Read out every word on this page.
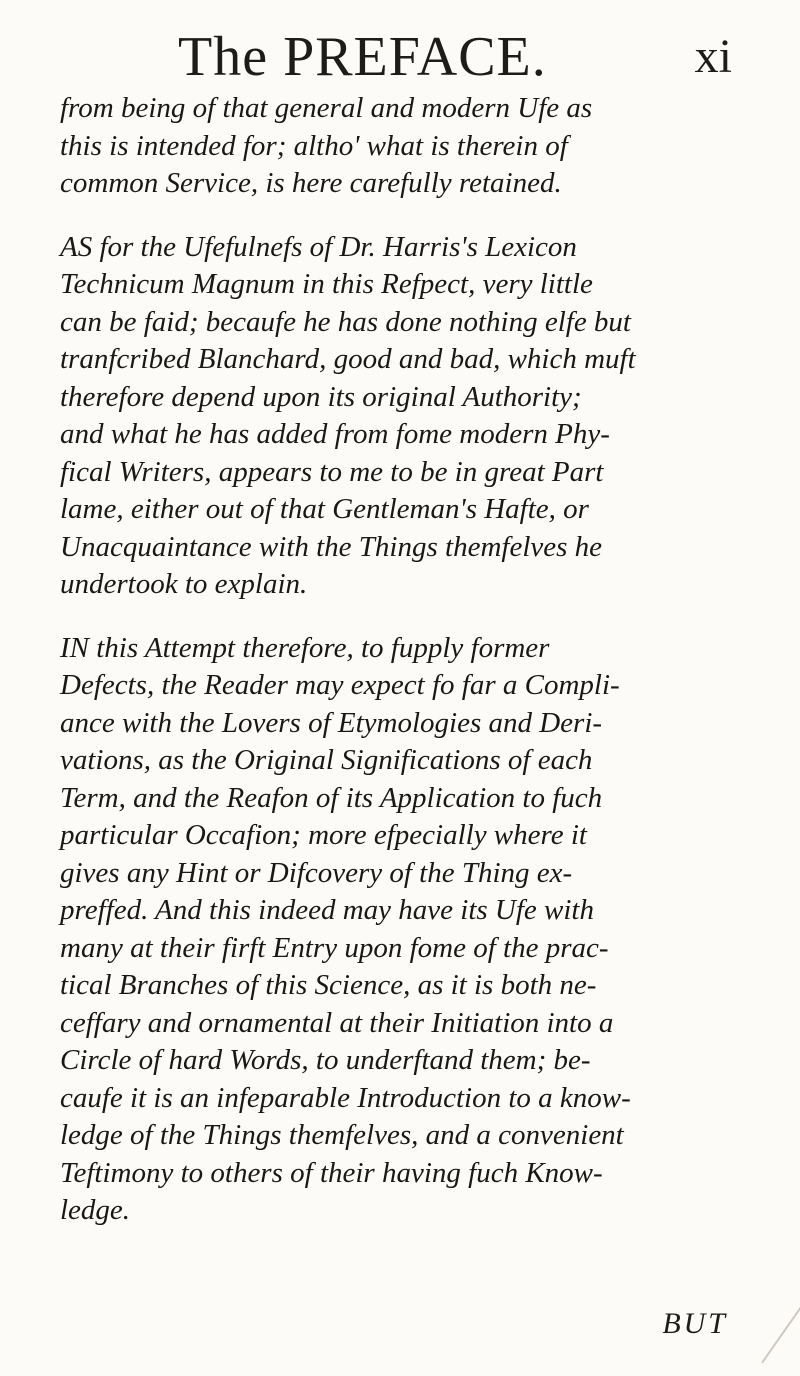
The PREFACE.	xi

from being of that general and modern Ufe as
this is intended for; altho' what is therein of
common Service, is here carefully retained.

AS for the Ufefulnefs of Dr. Harris's Lexicon
Technicum Magnum in this Refpect, very little
can be faid; becaufe he has done nothing elfe but
tranfcribed Blanchard, good and bad, which muft
therefore depend upon its original Authority;
and what he has added from fome modern Phy-
fical Writers, appears to me to be in great Part
lame, either out of that Gentleman's Hafte, or
Unacquaintance with the Things themfelves he
undertook to explain.

IN this Attempt therefore, to fupply former
Defects, the Reader may expect fo far a Compli-
ance with the Lovers of Etymologies and Deri-
vations, as the Original Significations of each
Term, and the Reafon of its Application to fuch
particular Occafion; more efpecially where it
gives any Hint or Difcovery of the Thing ex-
preffed. And this indeed may have its Ufe with
many at their firft Entry upon fome of the prac-
tical Branches of this Science, as it is both ne-
ceffary and ornamental at their Initiation into a
Circle of hard Words, to underftand them; be-
caufe it is an infeparable Introduction to a know-
ledge of the Things themfelves, and a convenient
Teftimony to others of their having fuch Know-
ledge.

BUT
